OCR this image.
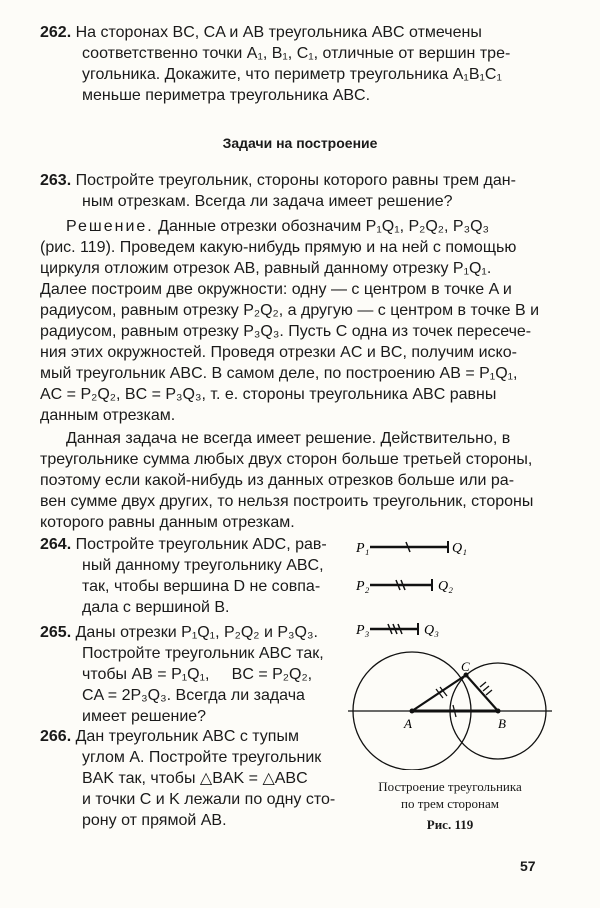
262. На сторонах BC, CA и AB треугольника ABC отмечены
соответственно точки A₁, B₁, C₁, отличные от вершин тре-
угольника. Докажите, что периметр треугольника A₁B₁C₁
меньше периметра треугольника ABC.
Задачи на построение
263. Постройте треугольник, стороны которого равны трем дан-
ным отрезкам. Всегда ли задача имеет решение?
Решение. Данные отрезки обозначим P₁Q₁, P₂Q₂, P₃Q₃
(рис. 119). Проведем какую-нибудь прямую и на ней с помощью
циркуля отложим отрезок AB, равный данному отрезку P₁Q₁.
Далее построим две окружности: одну — с центром в точке A и
радиусом, равным отрезку P₂Q₂, а другую — с центром в точке B и
радиусом, равным отрезку P₃Q₃. Пусть C одна из точек пересече-
ния этих окружностей. Проведя отрезки AC и BC, получим иско-
мый треугольник ABC. В самом деле, по построению AB = P₁Q₁,
AC = P₂Q₂, BC = P₃Q₃, т. е. стороны треугольника ABC равны
данным отрезкам.
Данная задача не всегда имеет решение. Действительно, в
треугольнике сумма любых двух сторон больше третьей стороны,
поэтому если какой-нибудь из данных отрезков больше или ра-
вен сумме двух других, то нельзя построить треугольник, стороны
которого равны данным отрезкам.
264. Постройте треугольник ADC, рав-
ный данному треугольнику ABC,
так, чтобы вершина D не совпа-
дала с вершиной B.
265. Даны отрезки P₁Q₁, P₂Q₂ и P₃Q₃.
Постройте треугольник ABC так,
чтобы AB = P₁Q₁,     BC = P₂Q₂,
CA = 2P₃Q₃. Всегда ли задача
имеет решение?
266. Дан треугольник ABC с тупым
углом A. Постройте треугольник
BAK так, чтобы △BAK = △ABC
и точки C и K лежали по одну сто-
рону от прямой AB.
P₁	Q₁
P₂	Q₂
P₃	Q₃
A	B
C
Построение треугольника
по трем сторонам
Рис. 119
57
